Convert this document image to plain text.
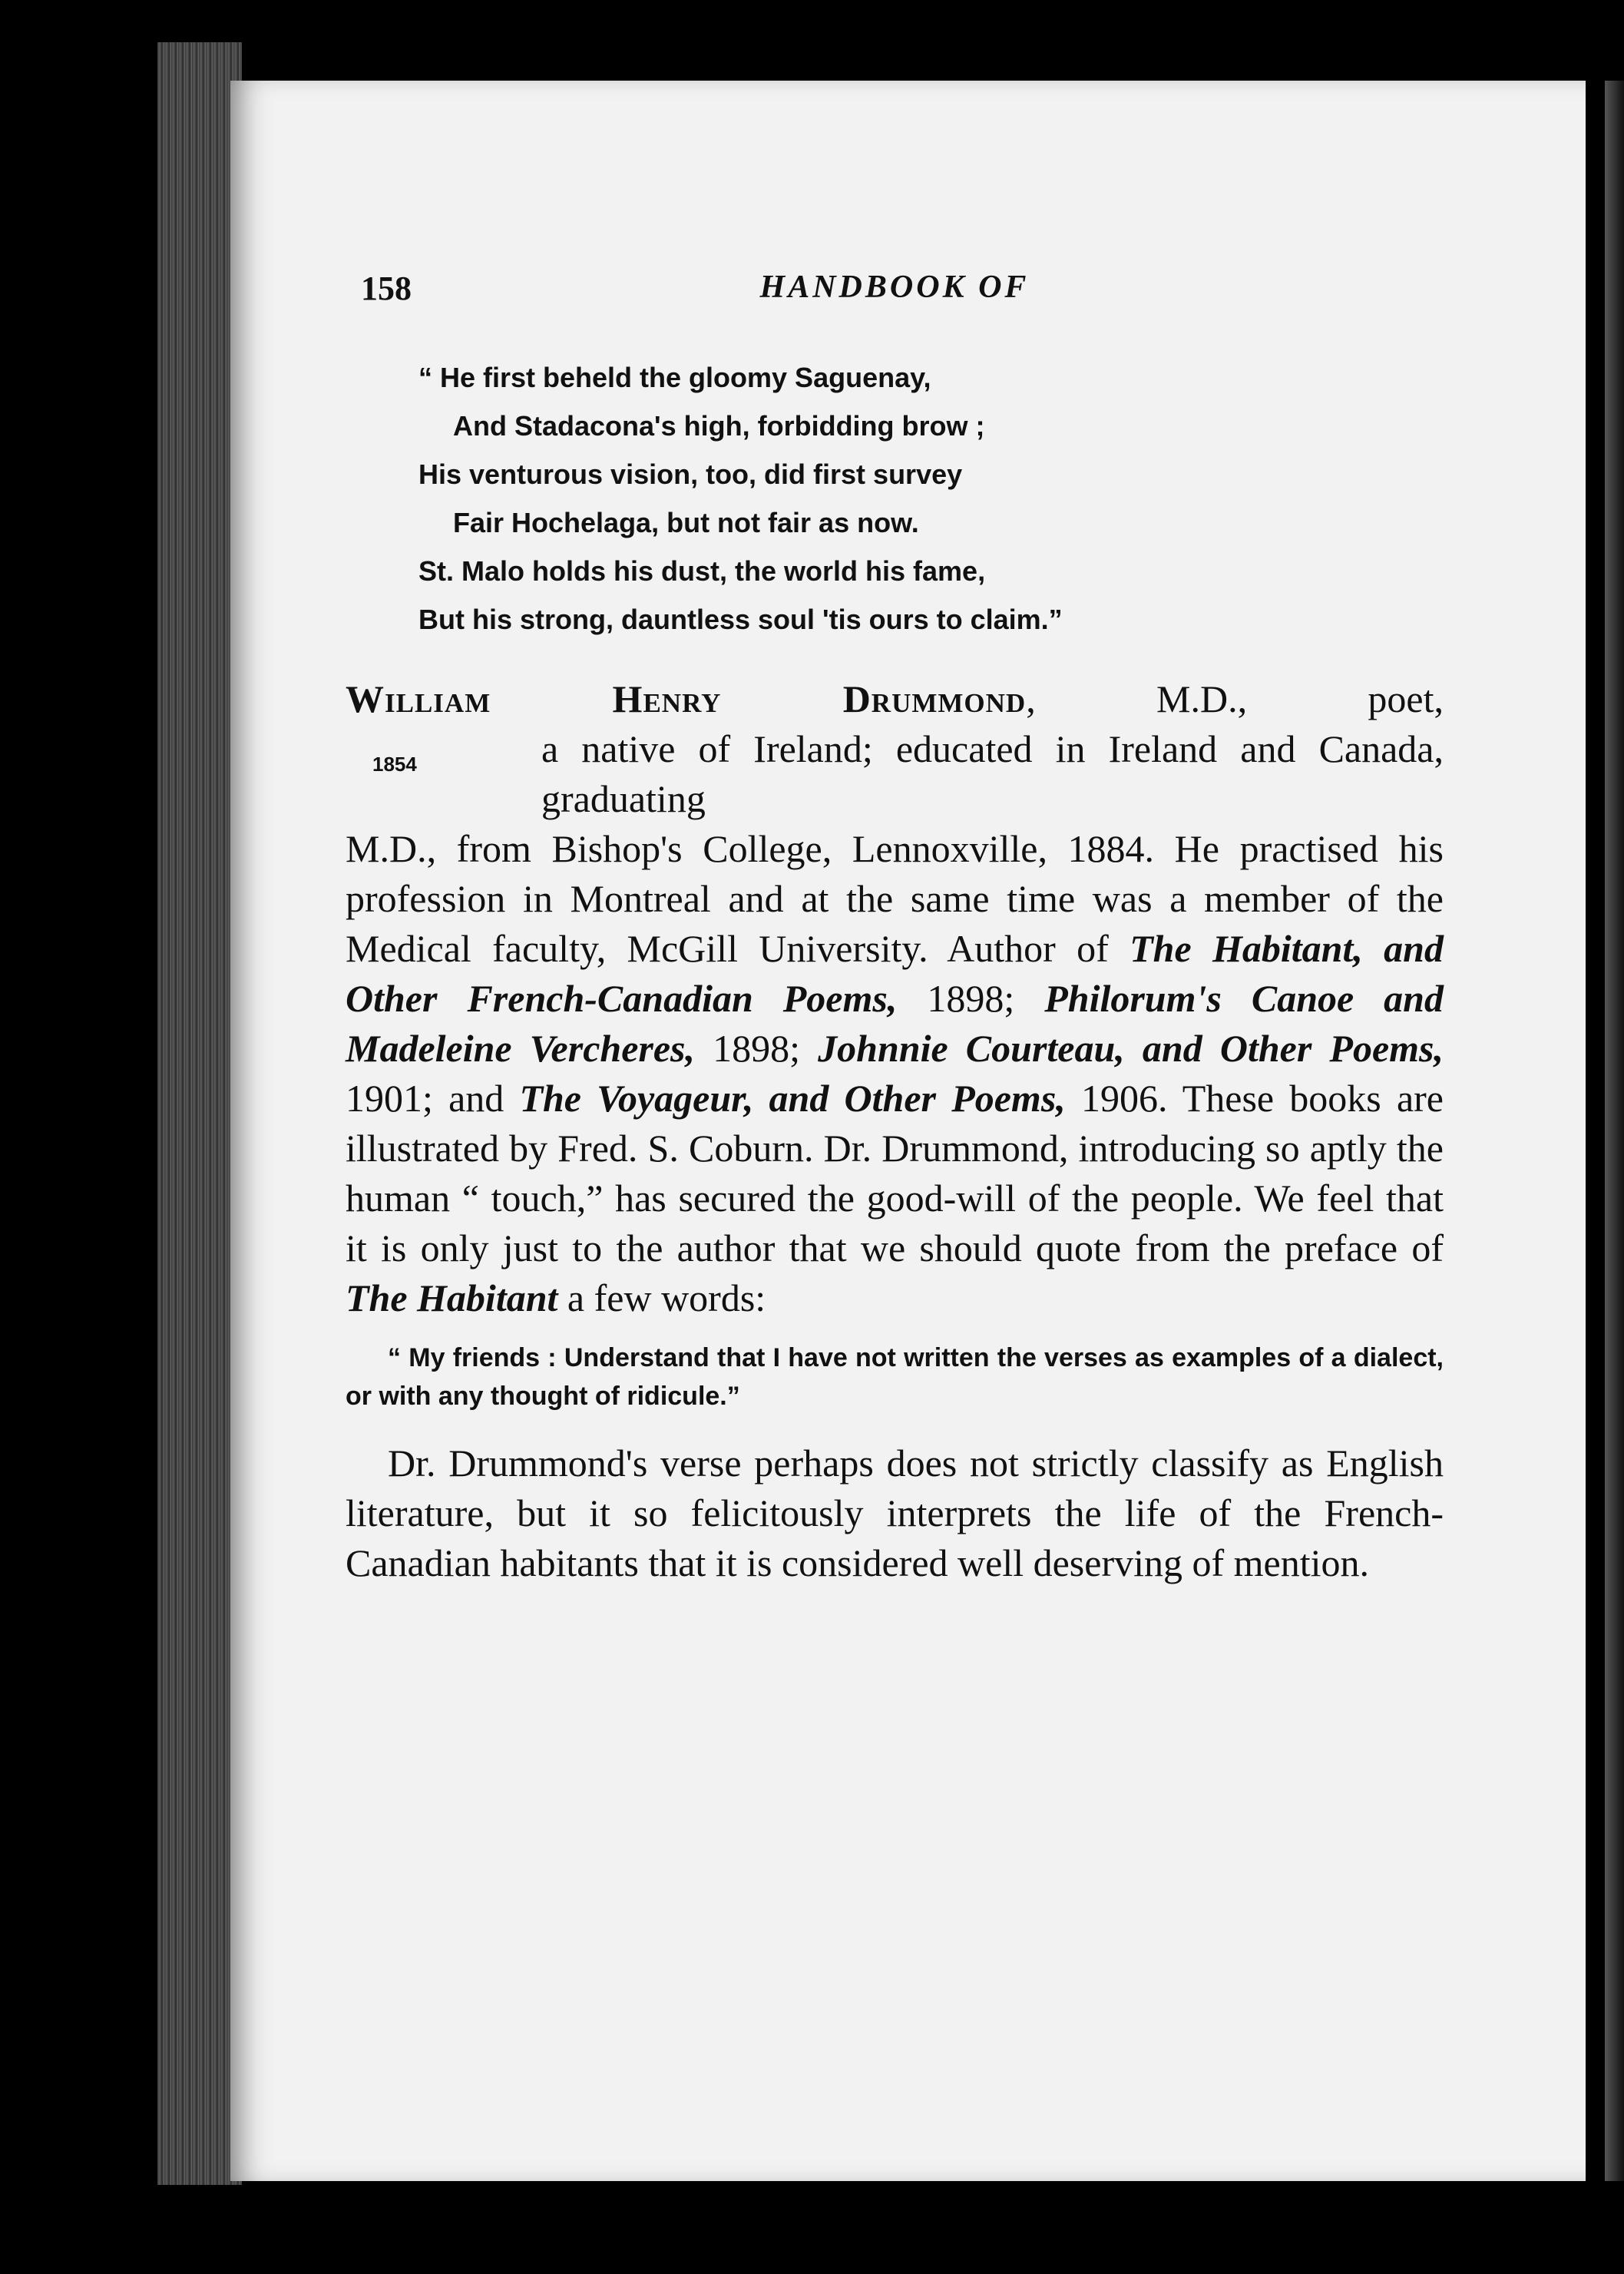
158	HANDBOOK OF
“ He first beheld the gloomy Saguenay,
And Stadacona's high, forbidding brow ;
His venturous vision, too, did first survey
Fair Hochelaga, but not fair as now.
St. Malo holds his dust, the world his fame,
But his strong, dauntless soul 'tis ours to claim.”
William Henry Drummond, M.D., poet,
1854	a native of Ireland; educated in Ireland and Canada, graduating
M.D., from Bishop's College, Lennoxville, 1884. He practised his profession in Montreal and at the same time was a member of the Medical faculty, McGill University. Author of The Habitant, and Other French-Canadian Poems, 1898; Philorum's Canoe and Madeleine Vercheres, 1898; Johnnie Courteau, and Other Poems, 1901; and The Voyageur, and Other Poems, 1906. These books are illustrated by Fred. S. Coburn. Dr. Drummond, introducing so aptly the human “ touch,” has secured the good-will of the people. We feel that it is only just to the author that we should quote from the preface of The Habitant a few words:
“ My friends : Understand that I have not written the verses as examples of a dialect, or with any thought of ridicule.”
Dr. Drummond's verse perhaps does not strictly classify as English literature, but it so felicitously interprets the life of the French-Canadian habitants that it is considered well deserving of mention.
